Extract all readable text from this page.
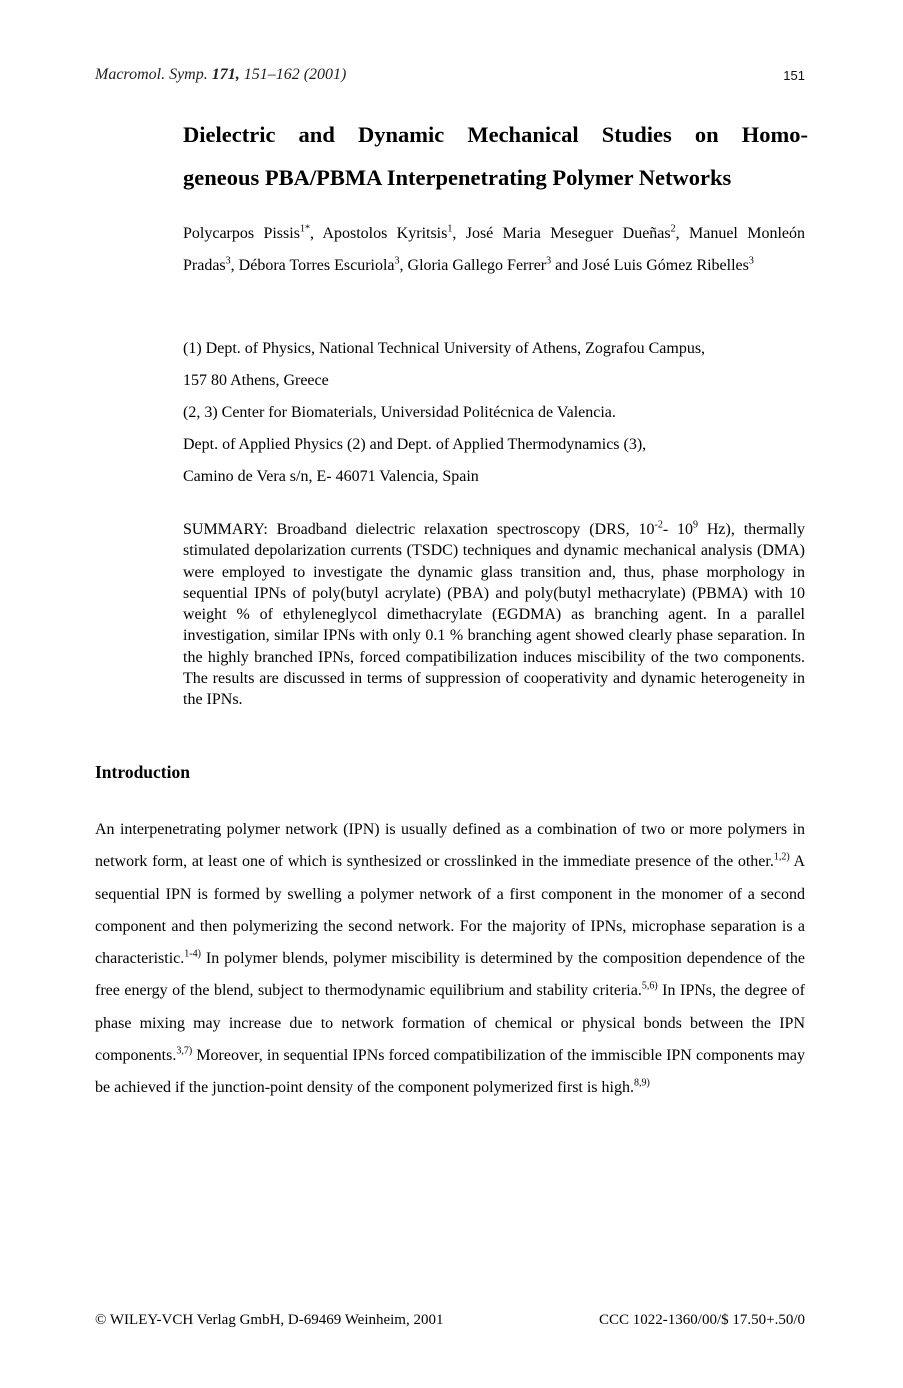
Macromol. Symp. 171, 151–162 (2001)	151
Dielectric and Dynamic Mechanical Studies on Homo-
geneous PBA/PBMA Interpenetrating Polymer Networks

Polycarpos Pissis$^{1*}$, Apostolos Kyritsis$^1$, José Maria Meseguer Dueñas$^2$, Manuel Monleón Pradas$^3$, Débora Torres Escuriola$^3$, Gloria Gallego Ferrer$^3$ and José Luis Gómez Ribelles$^3$

(1) Dept. of Physics, National Technical University of Athens, Zografou Campus,
157 80 Athens, Greece
(2, 3) Center for Biomaterials, Universidad Politécnica de Valencia.
Dept. of Applied Physics (2) and Dept. of Applied Thermodynamics (3),
Camino de Vera s/n, E- 46071 Valencia, Spain

SUMMARY: Broadband dielectric relaxation spectroscopy (DRS, $10^{-2}-$ $10^9$ Hz), thermally stimulated depolarization currents (TSDC) techniques and dynamic mechanical analysis (DMA) were employed to investigate the dynamic glass transition and, thus, phase morphology in sequential IPNs of poly(butyl acrylate) (PBA) and poly(butyl methacrylate) (PBMA) with 10 weight % of ethyleneglycol dimethacrylate (EGDMA) as branching agent. In a parallel investigation, similar IPNs with only 0.1 % branching agent showed clearly phase separation. In the highly branched IPNs, forced compatibilization induces miscibility of the two components. The results are discussed in terms of suppression of cooperativity and dynamic heterogeneity in the IPNs.

Introduction

An interpenetrating polymer network (IPN) is usually defined as a combination of two or more polymers in network form, at least one of which is synthesized or crosslinked in the immediate presence of the other.$^{1,2)}$ A sequential IPN is formed by swelling a polymer network of a first component in the monomer of a second component and then polymerizing the second network. For the majority of IPNs, microphase separation is a characteristic.$^{1-4)}$ In polymer blends, polymer miscibility is determined by the composition dependence of the free energy of the blend, subject to thermodynamic equilibrium and stability criteria.$^{5,6)}$ In IPNs, the degree of phase mixing may increase due to network formation of chemical or physical bonds between the IPN components.$^{3,7)}$ Moreover, in sequential IPNs forced compatibilization of the immiscible IPN components may be achieved if the junction-point density of the component polymerized first is high.$^{8,9)}$

© WILEY-VCH Verlag GmbH, D-69469 Weinheim, 2001	CCC 1022-1360/00/$ 17.50+.50/0
